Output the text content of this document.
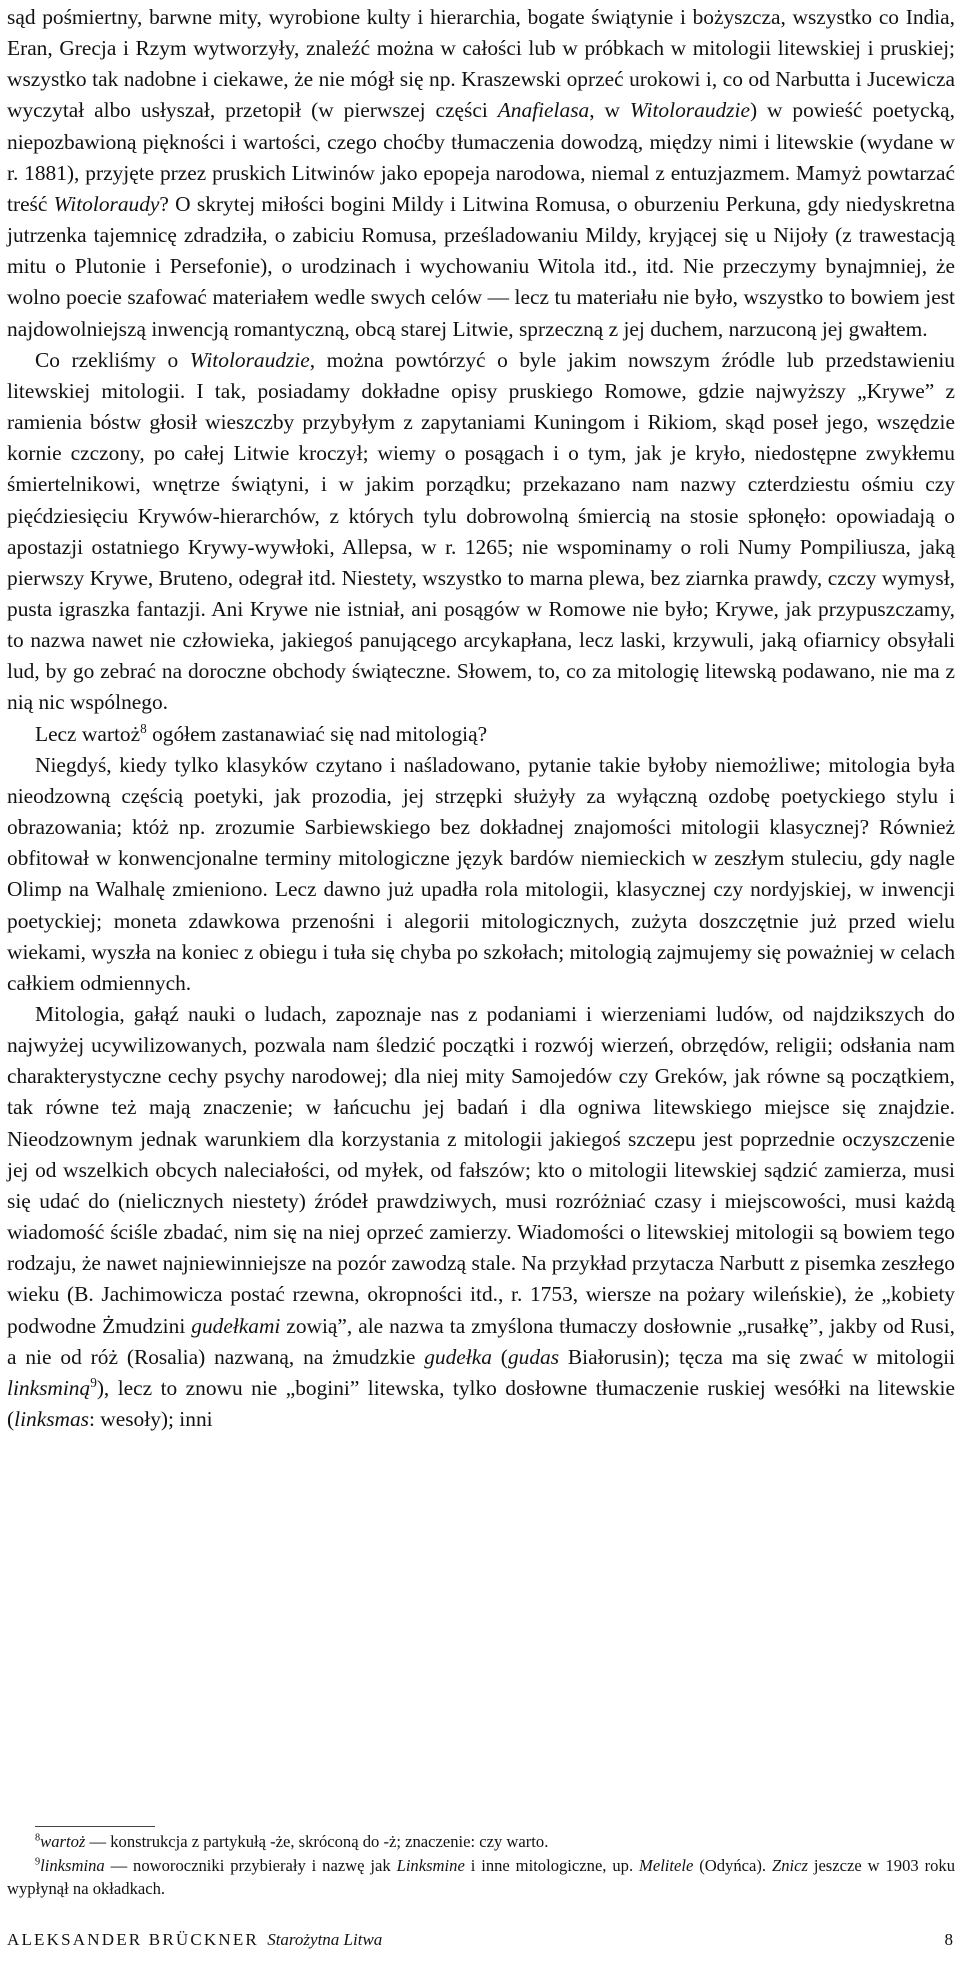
sąd pośmiertny, barwne mity, wyrobione kulty i hierarchia, bogate świątynie i bożyszcza, wszystko co India, Eran, Grecja i Rzym wytworzyły, znaleźć można w całości lub w próbkach w mitologii litewskiej i pruskiej; wszystko tak nadobne i ciekawe, że nie mógł się np. Kraszewski oprzeć urokowi i, co od Narbutta i Jucewicza wyczytał albo usłyszał, przetopił (w pierwszej części Anafielasa, w Witoloraudzie) w powieść poetycką, niepozbawioną piękności i wartości, czego choćby tłumaczenia dowodzą, między nimi i litewskie (wydane w r. 1881), przyjęte przez pruskich Litwinów jako epopeja narodowa, niemal z entuzjazmem. Mamyż powtarzać treść Witoloraudy? O skrytej miłości bogini Mildy i Litwina Romusa, o oburzeniu Perkuna, gdy niedyskretna jutrzenka tajemnicę zdradziła, o zabiciu Romusa, prześladowaniu Mildy, kryjącej się u Nijoły (z trawestacją mitu o Plutonie i Persefonie), o urodzinach i wychowaniu Witola itd., itd. Nie przeczymy bynajmniej, że wolno poecie szafować materiałem wedle swych celów — lecz tu materiału nie było, wszystko to bowiem jest najdowolniejszą inwencją romantyczną, obcą starej Litwie, sprzeczną z jej duchem, narzuconą jej gwałtem.

Co rzekliśmy o Witoloraudzie, można powtórzyć o byle jakim nowszym źródle lub przedstawieniu litewskiej mitologii. I tak, posiadamy dokładne opisy pruskiego Romowe, gdzie najwyższy „Krywe” z ramienia bóstw głosił wieszczby przybyłym z zapytaniami Kuningom i Rikiom, skąd poseł jego, wszędzie kornie czczony, po całej Litwie kroczył; wiemy o posągach i o tym, jak je kryło, niedostępne zwykłemu śmiertelnikowi, wnętrze świątyni, i w jakim porządku; przekazano nam nazwy czterdziestu ośmiu czy pięćdziesięciu Krywów-hierarchów, z których tylu dobrowolną śmiercią na stosie spłonęło: opowiadają o apostazji ostatniego Krywy-wywłoki, Allepsa, w r. 1265; nie wspominamy o roli Numy Pompiliusza, jaką pierwszy Krywe, Bruteno, odegrał itd. Niestety, wszystko to marna plewa, bez ziarnka prawdy, czczy wymysł, pusta igraszka fantazji. Ani Krywe nie istniał, ani posągów w Romowe nie było; Krywe, jak przypuszczamy, to nazwa nawet nie człowieka, jakiegoś panującego arcykapłana, lecz laski, krzywuli, jaką ofiarnicy obsyłali lud, by go zebrać na doroczne obchody świąteczne. Słowem, to, co za mitologię litewską podawano, nie ma z nią nic wspólnego.

Lecz wartoż$^8$ ogółem zastanawiać się nad mitologią?

Niegdyś, kiedy tylko klasyków czytano i naśladowano, pytanie takie byłoby niemożliwe; mitologia była nieodzowną częścią poetyki, jak prozodia, jej strzępki służyły za wyłączną ozdobę poetyckiego stylu i obrazowania; któż np. zrozumie Sarbiewskiego bez dokładnej znajomości mitologii klasycznej? Również obfitował w konwencjonalne terminy mitologiczne język bardów niemieckich w zeszłym stuleciu, gdy nagle Olimp na Walhalę zmieniono. Lecz dawno już upadła rola mitologii, klasycznej czy nordyjskiej, w inwencji poetyckiej; moneta zdawkowa przenośni i alegorii mitologicznych, zużyta doszczętnie już przed wielu wiekami, wyszła na koniec z obiegu i tuła się chyba po szkołach; mitologią zajmujemy się poważniej w celach całkiem odmiennych.

Mitologia, gałąź nauki o ludach, zapoznaje nas z podaniami i wierzeniami ludów, od najdzikszych do najwyżej ucywilizowanych, pozwala nam śledzić początki i rozwój wierzeń, obrzędów, religii; odsłania nam charakterystyczne cechy psychy narodowej; dla niej mity Samojedów czy Greków, jak równe są początkiem, tak równe też mają znaczenie; w łańcuchu jej badań i dla ogniwa litewskiego miejsce się znajdzie. Nieodzownym jednak warunkiem dla korzystania z mitologii jakiegoś szczepu jest poprzednie oczyszczenie jej od wszelkich obcych naleciałości, od myłek, od fałszów; kto o mitologii litewskiej sądzić zamierza, musi się udać do (nielicznych niestety) źródeł prawdziwych, musi rozróżniać czasy i miejscowości, musi każdą wiadomość ściśle zbadać, nim się na niej oprzeć zamierzy. Wiadomości o litewskiej mitologii są bowiem tego rodzaju, że nawet najniewinniejsze na pozór zawodzą stale. Na przykład przytacza Narbutt z pisemka zeszłego wieku (B. Jachimowicza postać rzewna, okropności itd., r. 1753, wiersze na pożary wileńskie), że „kobiety podwodne Żmudzini gudełkami zowią”, ale nazwa ta zmyślona tłumaczy dosłownie „rusałkę”, jakby od Rusi, a nie od róż (Rosalia) nazwaną, na żmudzkie gudełka (gudas Białorusin); tęcza ma się zwać w mitologii linksminą$^9$), lecz to znowu nie „bogini” litewska, tylko dosłowne tłumaczenie ruskiej wesółki na litewskie (linksmas: wesoły); inni

$^8$wartoż — konstrukcja z partykułą -że, skróconą do -ż; znaczenie: czy warto.

$^9$linksmina — noworoczniki przybierały i nazwę jak Linksmine i inne mitologiczne, up. Melitele (Odyńca). Znicz jeszcze w 1903 roku wypłynął na okładkach.

ALEKSANDER BRÜCKNER Starożytna Litwa	8
